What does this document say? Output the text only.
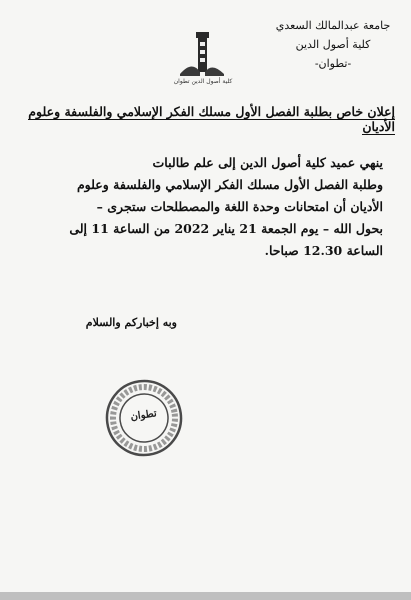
جامعة عبدالمالك السعدي
كلية أصول الدين
-تطوان-
كلية أصول الدين تطوان
إعلان خاص بطلبة الفصل الأول مسلك الفكر الإسلامي والفلسفة وعلوم الأديان

ينهي عميد كلية أصول الدين إلى علم طالبات

وطلبة الفصل الأول مسلك الفكر الإسلامي والفلسفة وعلوم

الأديان أن امتحانات وحدة اللغة والمصطلحات ستجرى –

بحول الله – يوم الجمعة 21 يناير 2022 من الساعة 11 إلى

الساعة 12.30 صباحا.

وبه إخباركم والسلام
تطوان
